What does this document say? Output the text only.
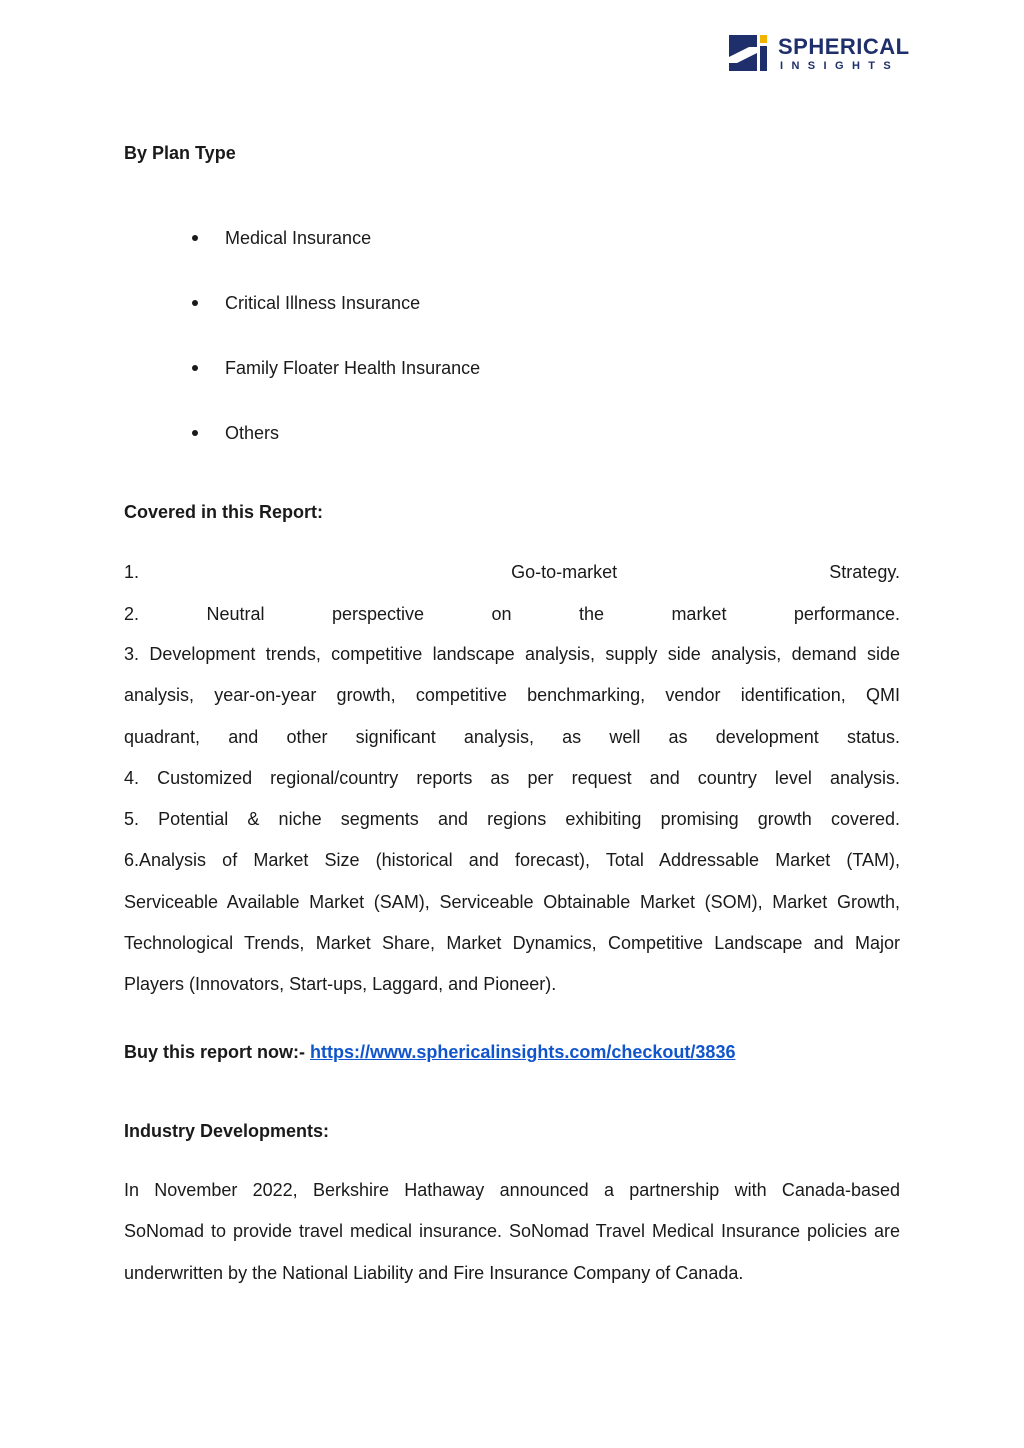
SPHERICAL
INSIGHTS
By Plan Type
Medical Insurance
Critical Illness Insurance
Family Floater Health Insurance
Others
Covered in this Report:
1.	Go-to-market	Strategy.
2.	Neutral	perspective	on	the	market	performance.
3. Development trends, competitive landscape analysis, supply side analysis, demand side
analysis, year-on-year growth, competitive benchmarking, vendor identification, QMI
quadrant, and other significant analysis, as well as development status.
4. Customized regional/country reports as per request and country level analysis.
5. Potential & niche segments and regions exhibiting promising growth covered.
6.Analysis of Market Size (historical and forecast), Total Addressable Market (TAM),
Serviceable Available Market (SAM), Serviceable Obtainable Market (SOM), Market Growth,
Technological Trends, Market Share, Market Dynamics, Competitive Landscape and Major
Players (Innovators, Start-ups, Laggard, and Pioneer).
Buy this report now:- https://www.sphericalinsights.com/checkout/3836
Industry Developments:
In November 2022, Berkshire Hathaway announced a partnership with Canada-based
SoNomad to provide travel medical insurance. SoNomad Travel Medical Insurance policies are
underwritten by the National Liability and Fire Insurance Company of Canada.
